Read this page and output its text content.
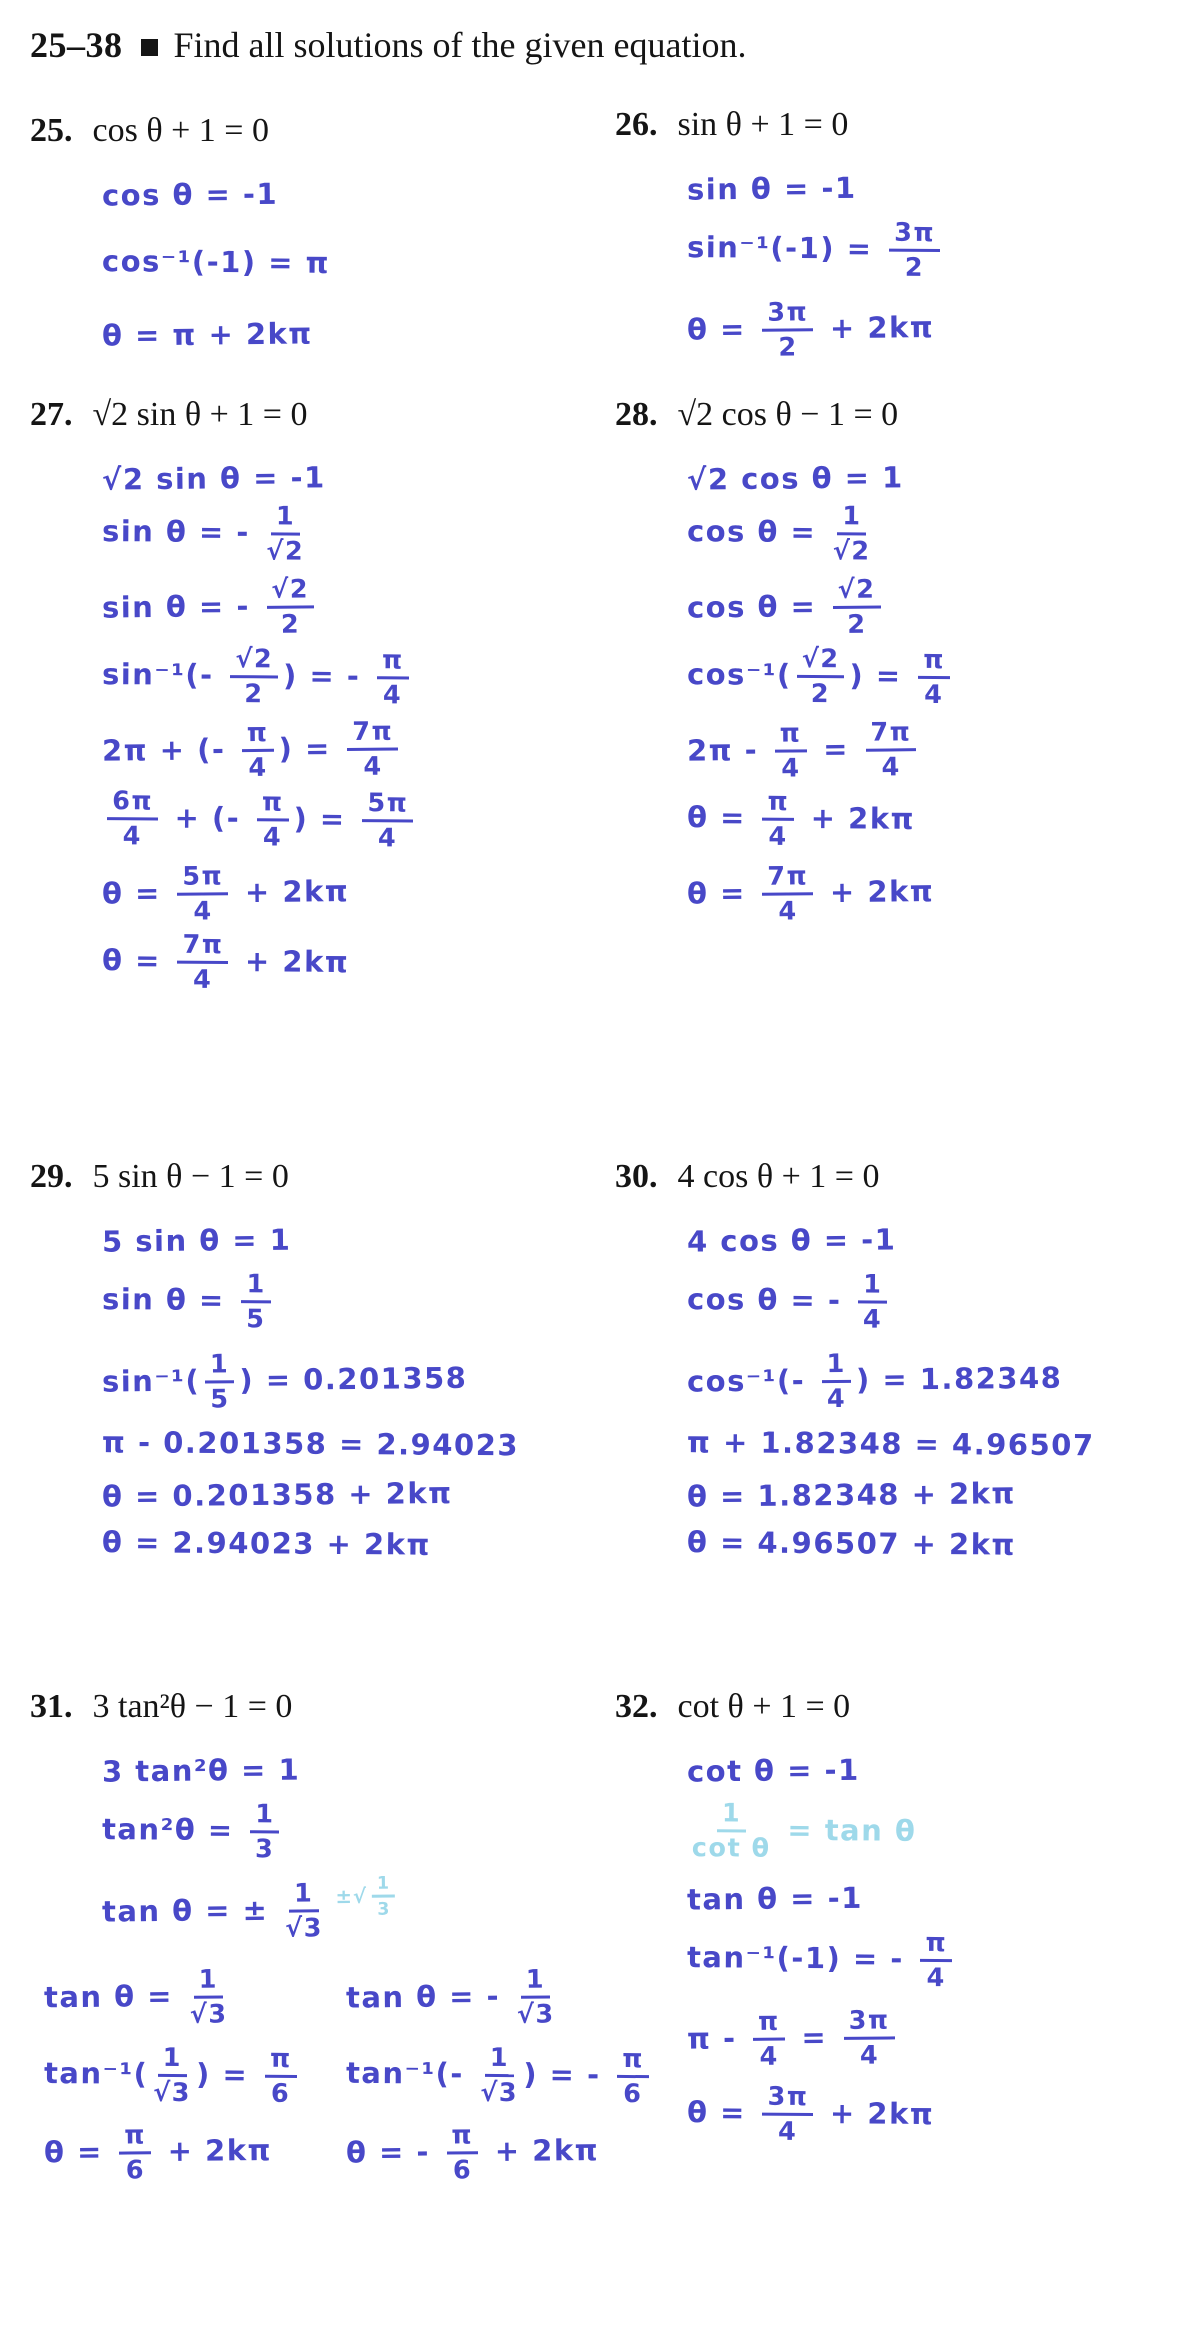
25–38 Find all solutions of the given equation.
25. cos θ + 1 = 0
cos θ = -1
cos⁻¹(-1) = π
θ = π + 2kπ
26. sin θ + 1 = 0
sin θ = -1
$\sin^{-1}(-1) = \frac{3\pi}{2}$
$\theta = \frac{3\pi}{2} + 2k\pi$
27. √2 sin θ + 1 = 0
√2 sin θ = -1
sin θ = - $\frac{1}{√2}$
sin θ = - $\frac{√2}{2}$
$\sin^{-1}(- \frac{√2}{2}$ ) = - $\frac{\pi}{4}$
2π + (- $\frac{\pi}{4}$ ) = $\frac{7\pi}{4}$
$\frac{6\pi}{4}$ + (- $\frac{\pi}{4}$ ) = $\frac{5\pi}{4}$
$\theta = \frac{5\pi}{4} + 2k\pi$
$\theta = \frac{7\pi}{4} + 2k\pi$
28. √2 cos θ − 1 = 0
√2 cos θ = 1
$\cos \theta = \frac{1}{√2}$
$\cos \theta = \frac{√2}{2}$
$\cos^{-1}( \frac{√2}{2}$ ) = $\frac{\pi}{4}$
$2\pi - \frac{\pi}{4} = \frac{7\pi}{4}$
$\theta = \frac{\pi}{4} + 2k\pi$
$\theta = \frac{7\pi}{4} + 2k\pi$
29. 5 sin θ − 1 = 0
5 sin θ = 1
$\sin \theta = \frac{1}{5}$
$\sin^{-1}( \frac{1}{5}$ ) = 0.201358
π - 0.201358 = 2.94023
θ = 0.201358 + 2kπ
θ = 2.94023 + 2kπ
30. 4 cos θ + 1 = 0
4 cos θ = -1
cos θ = - $\frac{1}{4}$
$\cos^{-1}(- \frac{1}{4}$ ) = 1.82348
π + 1.82348 = 4.96507
θ = 1.82348 + 2kπ
θ = 4.96507 + 2kπ
31. 3 tan²θ − 1 = 0
3 tan²θ = 1
$\tan^2\theta = \frac{1}{3}$
tan θ = ± $\frac{1}{√3} ^{\pm√ \frac{1}{3}}$
$\tan \theta = \frac{1}{√3}$
$\tan^{-1}( \frac{1}{√3}$ ) = $\frac{\pi}{6}$
$\theta = \frac{\pi}{6} + 2k\pi$
tan θ = - $\frac{1}{√3}$
$\tan^{-1}(- \frac{1}{√3}$ ) = - $\frac{\pi}{6}$
θ = - $\frac{\pi}{6} + 2k\pi$
32. cot θ + 1 = 0
cot θ = -1
$\frac{1}{\text{cot θ}} = \tan \theta$
tan θ = -1
tan⁻¹(-1) = - $\frac{\pi}{4}$
$\pi - \frac{\pi}{4} = \frac{3\pi}{4}$
$\theta = \frac{3\pi}{4} + 2k\pi$
